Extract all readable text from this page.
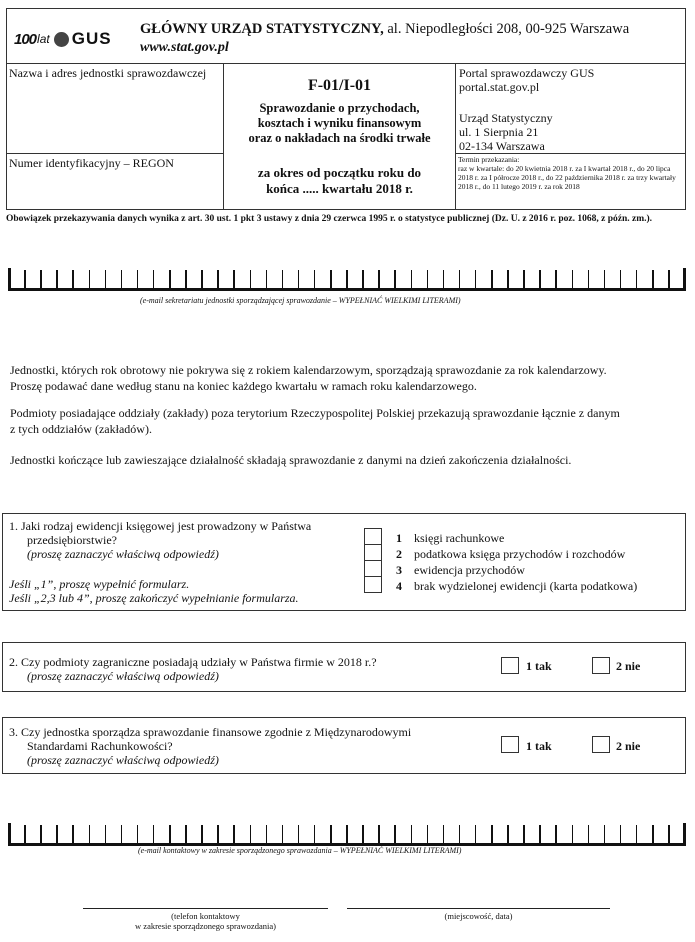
100 lat GUS GŁÓWNY URZĄD STATYSTYCZNY, al. Niepodległości 208, 00-925 Warszawa
www.stat.gov.pl
Nazwa i adres jednostki sprawozdawczej
Numer identyfikacyjny – REGON
F-01/I-01
Sprawozdanie o przychodach,
kosztach i wyniku finansowym
oraz o nakładach na środki trwałe
za okres od początku roku do
końca ..... kwartału 2018 r.
Portal sprawozdawczy GUS
portal.stat.gov.pl
Urząd Statystyczny
ul. 1 Sierpnia 21
02-134 Warszawa
Termin przekazania:
raz w kwartale: do 20 kwietnia 2018 r. za I kwartał 2018 r., do 20 lipca 2018 r. za I półrocze 2018 r., do 22 października 2018 r. za trzy kwartały 2018 r., do 11 lutego 2019 r. za rok 2018
Obowiązek przekazywania danych wynika z art. 30 ust. 1 pkt 3 ustawy z dnia 29 czerwca 1995 r. o statystyce publicznej (Dz. U. z 2016 r. poz. 1068, z późn. zm.).
(e-mail sekretariatu jednostki sporządzającej sprawozdanie – WYPEŁNIAĆ WIELKIMI LITERAMI)
Jednostki, których rok obrotowy nie pokrywa się z rokiem kalendarzowym, sporządzają sprawozdanie za rok kalendarzowy.
Proszę podawać dane według stanu na koniec każdego kwartału w ramach roku kalendarzowego.
Podmioty posiadające oddziały (zakłady) poza terytorium Rzeczypospolitej Polskiej przekazują sprawozdanie łącznie z danym
z tych oddziałów (zakładów).
Jednostki kończące lub zawieszające działalność składają sprawozdanie z danymi na dzień zakończenia działalności.
1. Jaki rodzaj ewidencji księgowej jest prowadzony w Państwa
przedsiębiorstwie?
(proszę zaznaczyć właściwą odpowiedź)
Jeśli „1”, proszę wypełnić formularz.
Jeśli „2,3 lub 4”, proszę zakończyć wypełnianie formularza.
1 księgi rachunkowe
2 podatkowa księga przychodów i rozchodów
3 ewidencja przychodów
4 brak wydzielonej ewidencji (karta podatkowa)
2. Czy podmioty zagraniczne posiadają udziały w Państwa firmie w 2018 r.?
(proszę zaznaczyć właściwą odpowiedź)
1 tak	2 nie
3. Czy jednostka sporządza sprawozdanie finansowe zgodnie z Międzynarodowymi
Standardami Rachunkowości?
(proszę zaznaczyć właściwą odpowiedź)
1 tak	2 nie
(e-mail kontaktowy w zakresie sporządzonego sprawozdania – WYPEŁNIAĆ WIELKIMI LITERAMI)
(telefon kontaktowy
w zakresie sporządzonego sprawozdania)
(miejscowość, data)
